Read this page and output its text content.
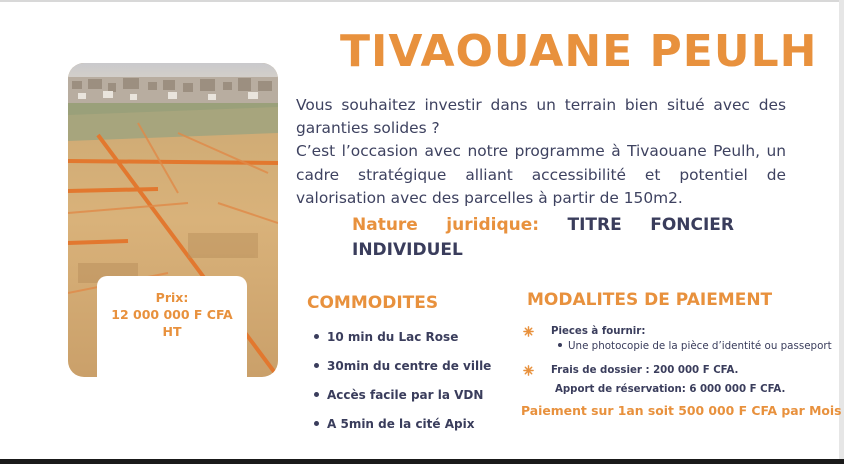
Prix:
12 000 000 F CFA
HT
TIVAOUANE PEULH

Vous souhaitez investir dans un terrain bien situé avec des garanties solides ?

C’est l’occasion avec notre programme à Tivaouane Peulh, un cadre stratégique alliant accessibilité et potentiel de valorisation avec des parcelles à partir de 150m2.

Nature juridique: TITRE FONCIER
INDIVIDUEL
COMMODITES
10 min du Lac Rose
30min du centre de ville
Accès facile par la VDN
A 5min de la cité Apix
MODALITES DE PAIEMENT
Pieces à fournir:
Une photocopie de la pièce d’identité ou passeport
Frais de dossier : 200 000 F CFA.
Apport de réservation: 6 000 000 F CFA.
Paiement sur 1an soit 500 000 F CFA par Mois
